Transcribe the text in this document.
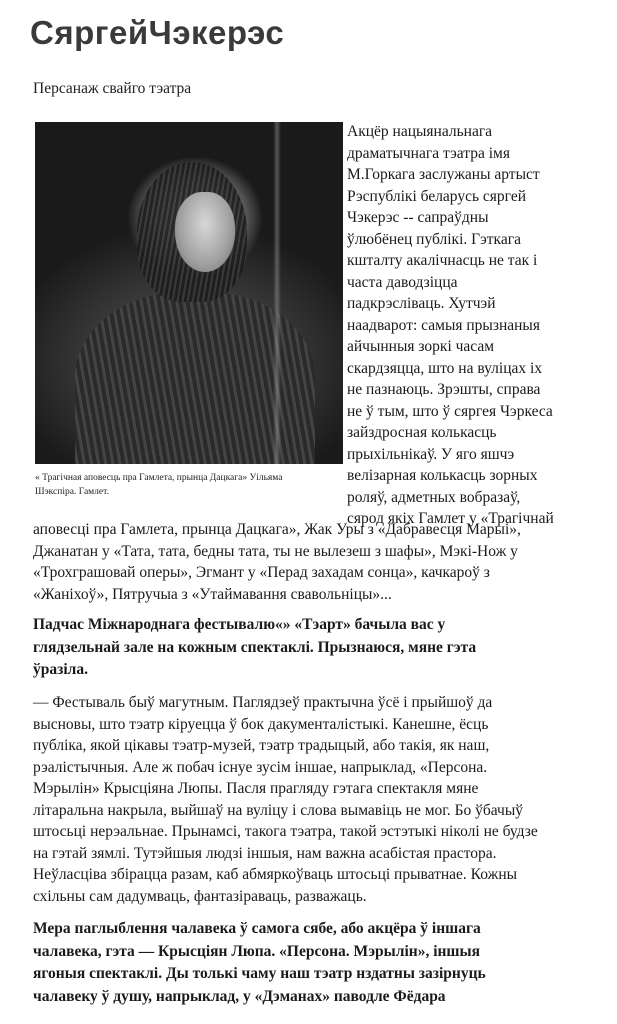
СяргейЧэкерэс
Персанаж свайго тэатра
« Трагічная аповесць пра Гамлета, прынца Дацкага» Уільяма
Шэкспіра. Гамлет.
Акцёр нацыянальнага
драматычнага тэатра імя
М.Горкага заслужаны артыст
Рэспублікі беларусь сяргей
Чэкерэс -- сапраўдны
ўлюбёнец публікі. Гэткага
кшталту акалічнасць не так і
часта даводзіцца
падкрэсліваць. Хутчэй
наадварот: самыя прызнаныя
айчынныя зоркі часам
скардзяцца, што на вуліцах іх
не пазнаюць. Зрэшты, справа
не ў тым, што ў сяргея Чэркеса
зайздросная колькасць
прыхільнікаў. У яго яшчэ
велізарная колькасць зорных
роляў, адметных вобразаў,
сярод якіх Гамлет у «Трагічнай
аповесці пра Гамлета, прынца Дацкага», Жак Уры з «Дабравесця Марыі»,
Джанатан у «Тата, тата, бедны тата, ты не вылезеш з шафы», Мэкі-Нож у
«Трохграшовай оперы», Эгмант у «Перад захадам сонца», качкароў з
«Жаніхоў», Пятручыа з «Утаймавання свавольніцы»...
Падчас Міжнароднага фестывалю«» «Тэарт» бачыла вас у
глядзельнай зале на кожным спектаклі. Прызнаюся, мяне гэта
ўразіла.
— Фестываль быў магутным. Паглядзеў практычна ўсё і прыйшоў да
высновы, што тэатр кіруецца ў бок дакументалістыкі. Канешне, ёсць
публіка, якой цікавы тэатр-музей, тэатр традыцый, або такія, як наш,
рэалістычныя. Але ж побач існуе зусім іншае, напрыклад, «Персона.
Мэрылін» Крысціяна Люпы. Пасля прагляду гэтага спектакля мяне
літаральна накрыла, выйшаў на вуліцу і слова вымавіць не мог. Бо ўбачыў
штосьці нерэальнае. Прынамсі, такога тэатра, такой эстэтыкі ніколі не будзе
на гэтай зямлі. Тутэйшыя людзі іншыя, нам важна асабістая прастора.
Неўласціва збірацца разам, каб абмяркоўваць штосьці прыватнае. Кожны
схільны сам дадумваць, фантазіраваць, разважаць.
Мера паглыблення чалавека ў самога сябе, або акцёра ў іншага
чалавека, гэта — Крысціян Люпа. «Персона. Мэрылін», іншыя
ягоныя спектаклі. Ды толькі чаму наш тэатр нздатны зазірнуць
чалавеку ў душу, напрыклад, у «Дэманах» паводле Фёдара
